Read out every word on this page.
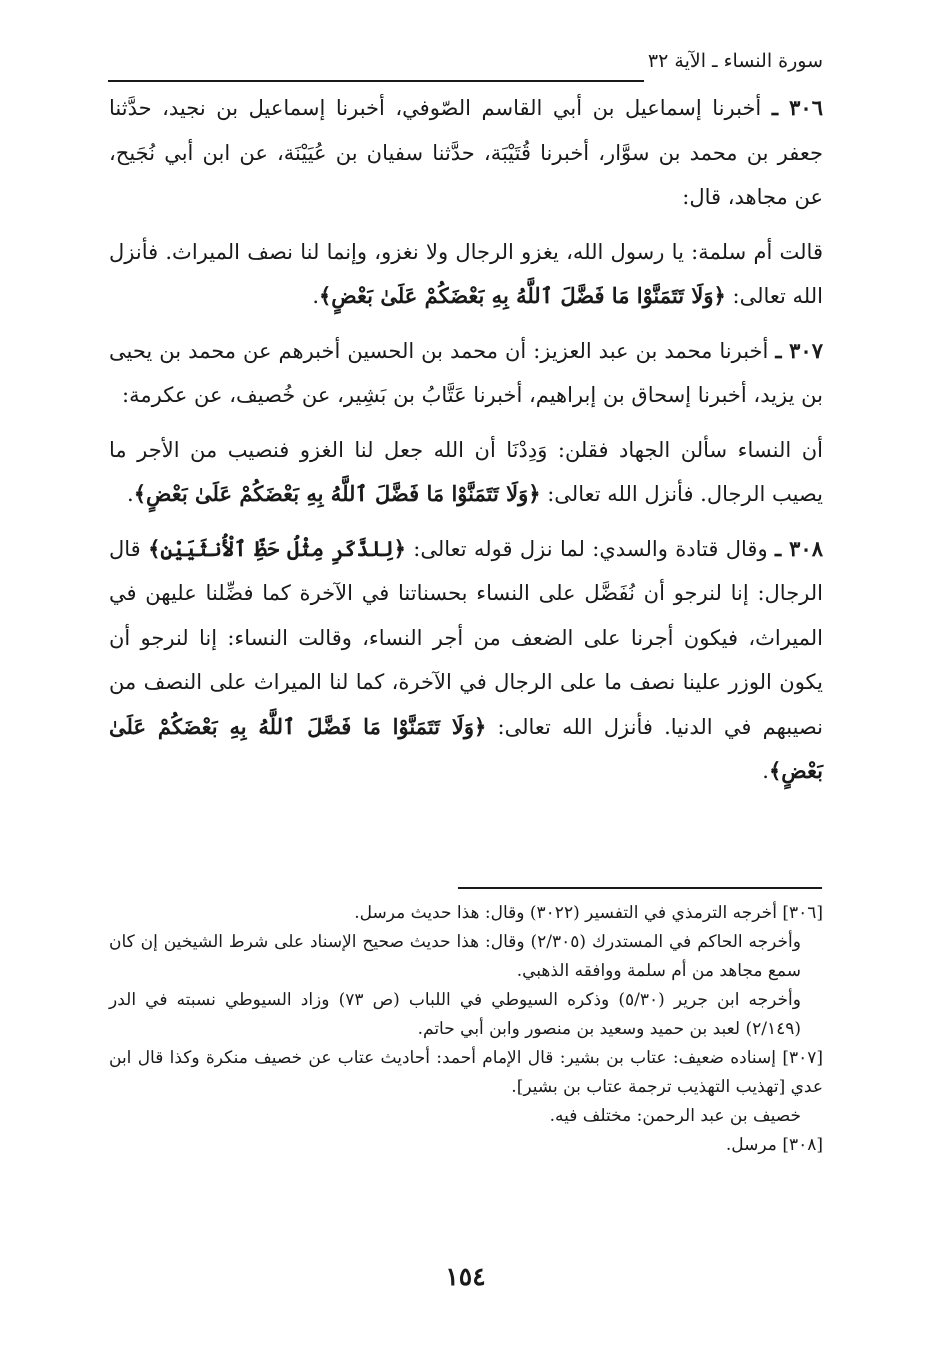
سورة النساء ـ الآية ٣٢

٣٠٦ ـ أخبرنا إسماعيل بن أبي القاسم الصّوفي، أخبرنا إسماعيل بن نجيد، حدَّثنا جعفر بن محمد بن سوَّار، أخبرنا قُتَيْبَة، حدَّثنا سفيان بن عُيَيْنَة، عن ابن أبي نُجَيح، عن مجاهد، قال:

قالت أم سلمة: يا رسول الله، يغزو الرجال ولا نغزو، وإنما لنا نصف الميراث. فأنزل الله تعالى: ﴿وَلَا تَتَمَنَّوْا مَا فَضَّلَ ٱللَّهُ بِهِ بَعْضَكُمْ عَلَىٰ بَعْضٍ﴾.

٣٠٧ ـ أخبرنا محمد بن عبد العزيز: أن محمد بن الحسين أخبرهم عن محمد بن يحيى بن يزيد، أخبرنا إسحاق بن إبراهيم، أخبرنا عَتَّابُ بن بَشِير، عن خُصيف، عن عكرمة:

أن النساء سألن الجهاد فقلن: وَدِدْنَا أن الله جعل لنا الغزو فنصيب من الأجر ما يصيب الرجال. فأنزل الله تعالى: ﴿وَلَا تَتَمَنَّوْا مَا فَضَّلَ ٱللَّهُ بِهِ بَعْضَكُمْ عَلَىٰ بَعْضٍ﴾.

٣٠٨ ـ وقال قتادة والسدي: لما نزل قوله تعالى: ﴿لِلذَّكَرِ مِثْلُ حَظِّ ٱلْأُنثَيَيْنِ﴾ قال الرجال: إنا لنرجو أن نُفَضَّل على النساء بحسناتنا في الآخرة كما فضِّلنا عليهن في الميراث، فيكون أجرنا على الضعف من أجر النساء، وقالت النساء: إنا لنرجو أن يكون الوزر علينا نصف ما على الرجال في الآخرة، كما لنا الميراث على النصف من نصيبهم في الدنيا. فأنزل الله تعالى: ﴿وَلَا تَتَمَنَّوْا مَا فَضَّلَ ٱللَّهُ بِهِ بَعْضَكُمْ عَلَىٰ بَعْضٍ﴾.

[٣٠٦] أخرجه الترمذي في التفسير (٣٠٢٢) وقال: هذا حديث مرسل.

وأخرجه الحاكم في المستدرك (٢/٣٠٥) وقال: هذا حديث صحيح الإسناد على شرط الشيخين إن كان سمع مجاهد من أم سلمة ووافقه الذهبي.

وأخرجه ابن جرير (٥/٣٠) وذكره السيوطي في اللباب (ص ٧٣) وزاد السيوطي نسبته في الدر (٢/١٤٩) لعبد بن حميد وسعيد بن منصور وابن أبي حاتم.

[٣٠٧] إسناده ضعيف: عتاب بن بشير: قال الإمام أحمد: أحاديث عتاب عن خصيف منكرة وكذا قال ابن عدي [تهذيب التهذيب ترجمة عتاب بن بشير].

خصيف بن عبد الرحمن: مختلف فيه.

[٣٠٨] مرسل.

١٥٤
